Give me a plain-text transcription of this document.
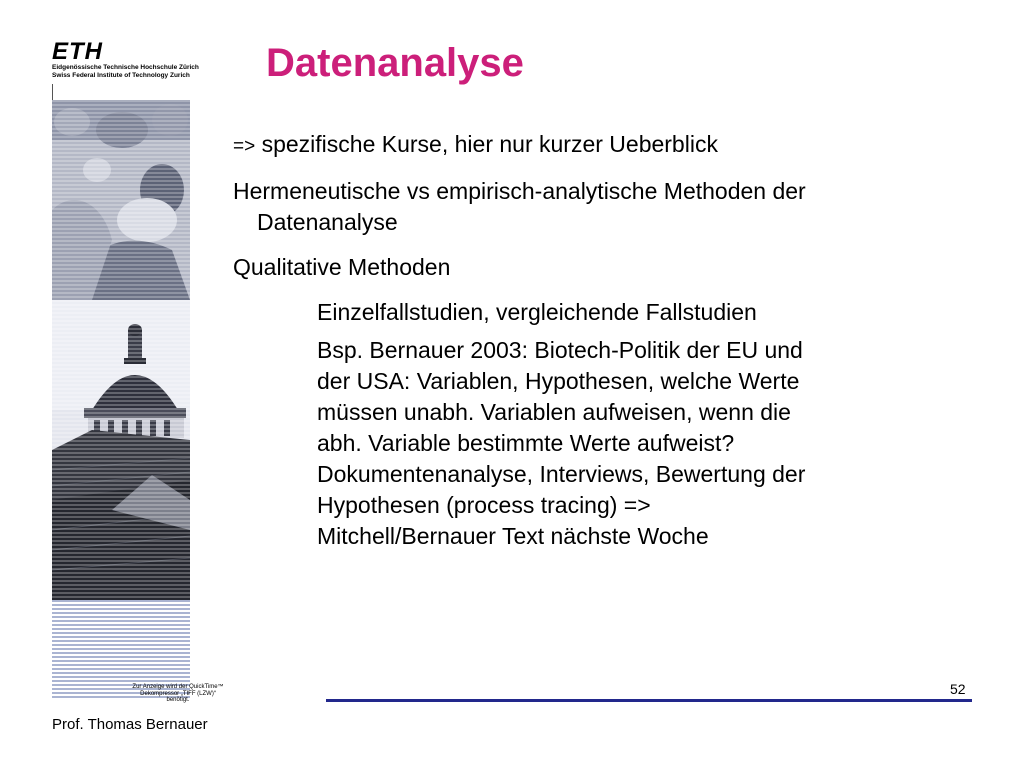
ETH
Eidgenössische Technische Hochschule Zürich
Swiss Federal Institute of Technology Zurich
Zur Anzeige wird der QuickTime™
Dekompressor „TIFF (LZW)“
benötigt.
Prof. Thomas Bernauer
Datenanalyse

=> spezifische Kurse, hier nur kurzer Ueberblick

Hermeneutische vs empirisch-analytische Methoden der
Datenanalyse

Qualitative Methoden

Einzelfallstudien, vergleichende Fallstudien

Bsp. Bernauer 2003: Biotech-Politik der EU und
der USA: Variablen, Hypothesen, welche Werte
müssen unabh. Variablen aufweisen, wenn die
abh. Variable bestimmte Werte aufweist?
Dokumentenanalyse, Interviews, Bewertung der
Hypothesen (process tracing) =>
Mitchell/Bernauer Text nächste Woche

52
